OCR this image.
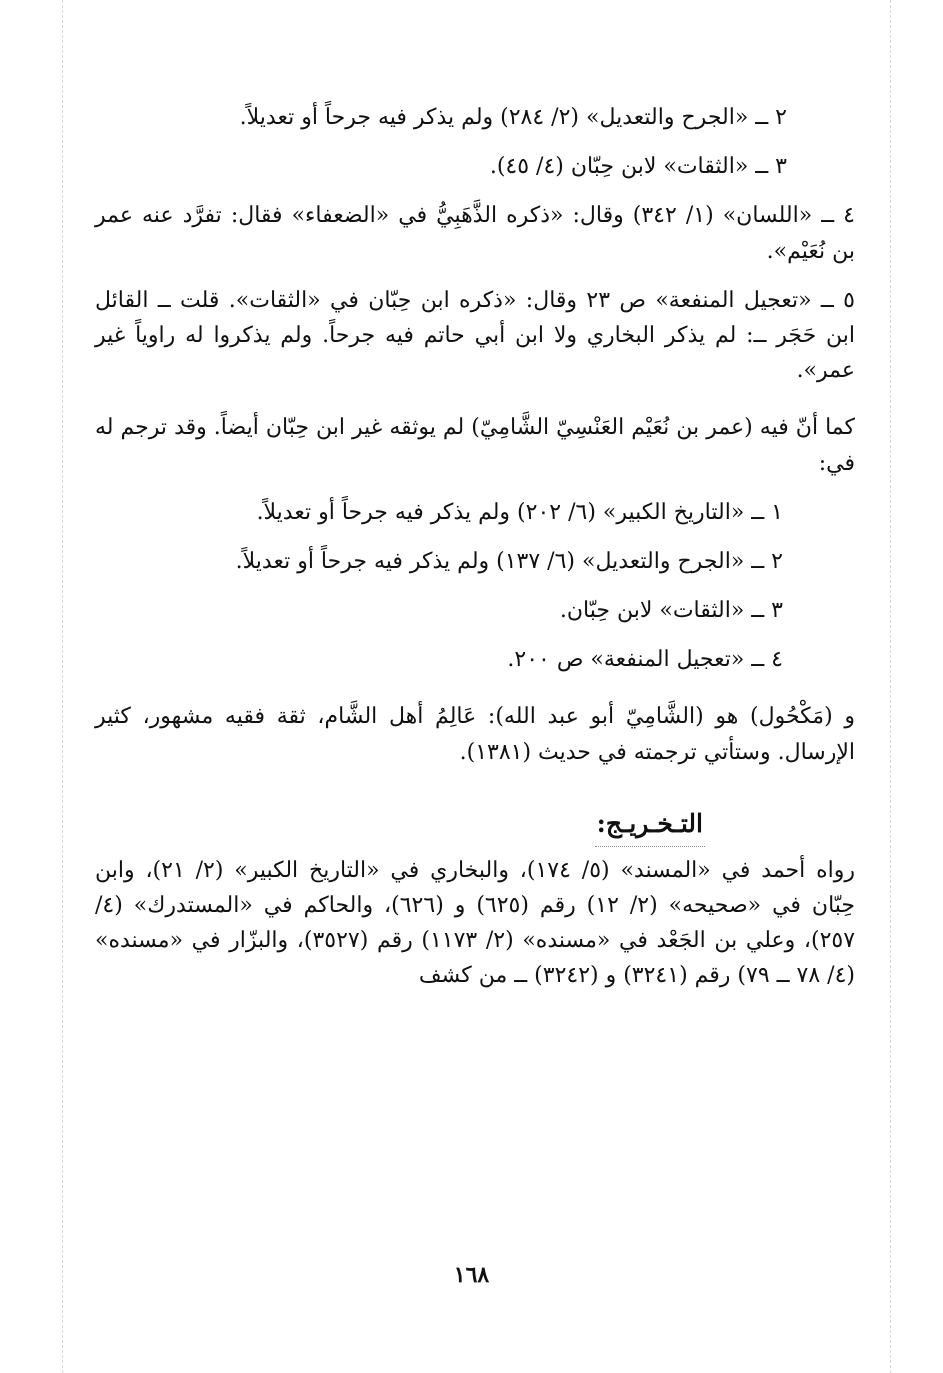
٢ ــ «الجرح والتعديل» (٢/ ٢٨٤) ولم يذكر فيه جرحاً أو تعديلاً.
٣ ــ «الثقات» لابن حِبّان (٤/ ٤٥).
٤ ــ «اللسان» (١/ ٣٤٢) وقال: «ذكره الذَّهَبِيُّ في «الضعفاء» فقال: تفرَّد عنه عمر بن نُعَيْم».
٥ ــ «تعجيل المنفعة» ص ٢٣ وقال: «ذكره ابن حِبّان في «الثقات». قلت ــ القائل ابن حَجَر ــ: لم يذكر البخاري ولا ابن أبي حاتم فيه جرحاً. ولم يذكروا له راوياً غير عمر».
كما أنّ فيه (عمر بن نُعَيْم العَنْسِيّ الشَّامِيّ) لم يوثقه غير ابن حِبّان أيضاً. وقد ترجم له في:
١ ــ «التاريخ الكبير» (٦/ ٢٠٢) ولم يذكر فيه جرحاً أو تعديلاً.
٢ ــ «الجرح والتعديل» (٦/ ١٣٧) ولم يذكر فيه جرحاً أو تعديلاً.
٣ ــ «الثقات» لابن حِبّان.
٤ ــ «تعجيل المنفعة» ص ٢٠٠.
و (مَكْحُول) هو (الشَّامِيّ أبو عبد الله): عَالِمُ أهل الشَّام، ثقة فقيه مشهور، كثير الإرسال. وستأتي ترجمته في حديث (١٣٨١).
التـخـريـج:
رواه أحمد في «المسند» (٥/ ١٧٤)، والبخاري في «التاريخ الكبير» (٢/ ٢١)، وابن حِبّان في «صحيحه» (٢/ ١٢) رقم (٦٢٥) و (٦٢٦)، والحاكم في «المستدرك» (٤/ ٢٥٧)، وعلي بن الجَعْد في «مسنده» (٢/ ١١٧٣) رقم (٣٥٢٧)، والبزّار في «مسنده» (٤/ ٧٨ ــ ٧٩) رقم (٣٢٤١) و (٣٢٤٢) ــ من كشف
١٦٨
